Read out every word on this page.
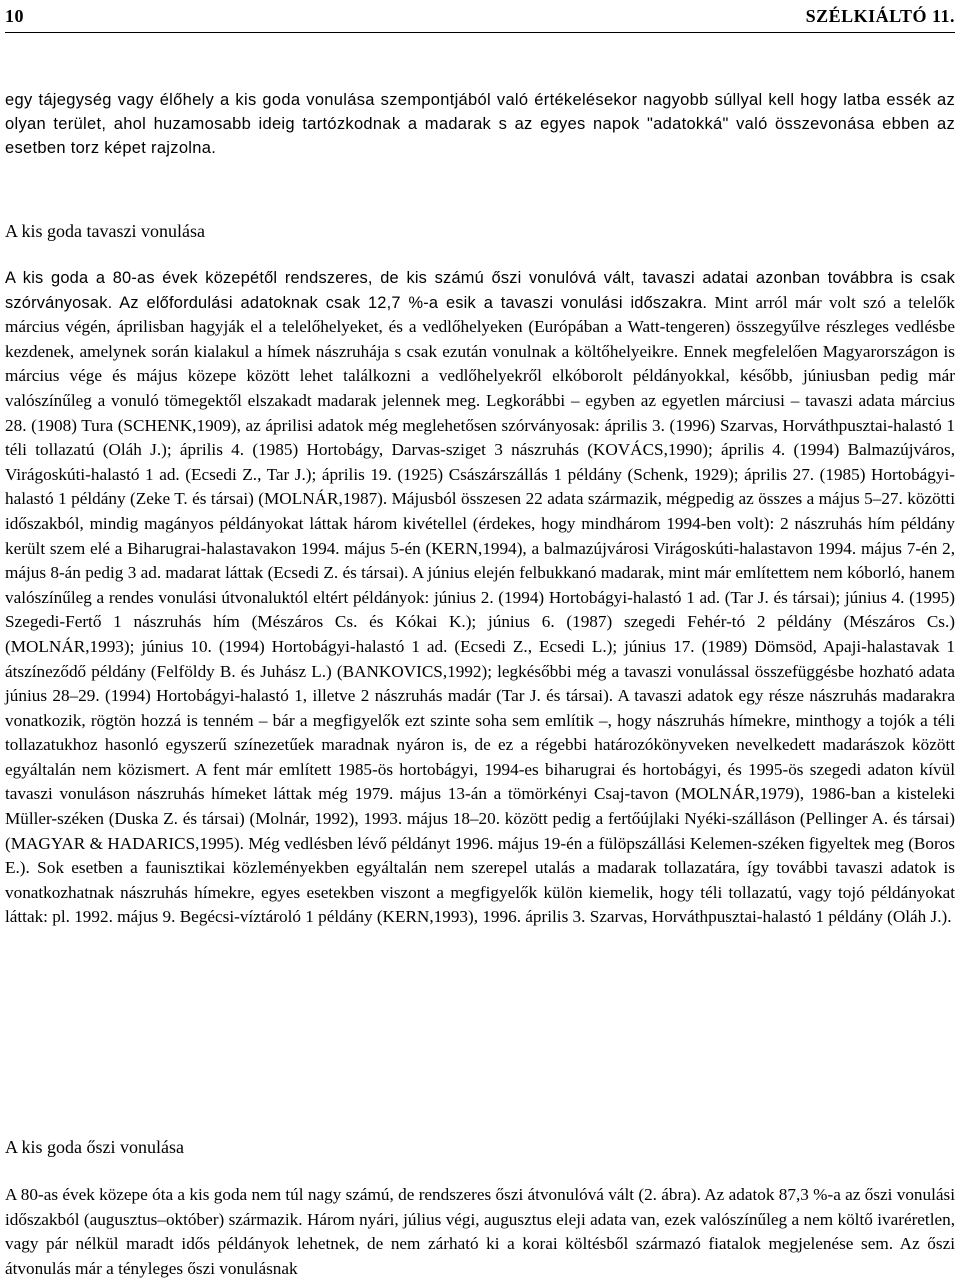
10	SZÉLKIÁLTÓ 11.

egy tájegység vagy élőhely a kis goda vonulása szempontjából való értékelésekor nagyobb súllyal kell hogy latba essék az olyan terület, ahol huzamosabb ideig tartózkodnak a madarak s az egyes napok "adatokká" való összevonása ebben az esetben torz képet rajzolna.

A kis goda tavaszi vonulása

A kis goda a 80-as évek közepétől rendszeres, de kis számú őszi vonulóvá vált, tavaszi adatai azonban továbbra is csak szórványosak. Az előfordulási adatoknak csak 12,7 %-a esik a tavaszi vonulási időszakra. Mint arról már volt szó a telelők március végén, áprilisban hagyják el a telelőhelyeket, és a vedlőhelyeken (Európában a Watt-tengeren) összegyűlve részleges vedlésbe kezdenek, amelynek során kialakul a hímek nászruhája s csak ezután vonulnak a költőhelyeikre. Ennek megfelelően Magyarországon is március vége és május közepe között lehet találkozni a vedlőhelyekről elkóborolt példányokkal, később, júniusban pedig már valószínűleg a vonuló tömegektől elszakadt madarak jelennek meg. Legkorábbi – egyben az egyetlen márciusi – tavaszi adata március 28. (1908) Tura (SCHENK,1909), az áprilisi adatok még meglehetősen szórványosak: április 3. (1996) Szarvas, Horváthpusztai-halastó 1 téli tollazatú (Oláh J.); április 4. (1985) Hortobágy, Darvas-sziget 3 nászruhás (KOVÁCS,1990); április 4. (1994) Balmazújváros, Virágoskúti-halastó 1 ad. (Ecsedi Z., Tar J.); április 19. (1925) Császárszállás 1 példány (Schenk, 1929); április 27. (1985) Hortobágyi-halastó 1 példány (Zeke T. és társai) (MOLNÁR,1987). Májusból összesen 22 adata származik, mégpedig az összes a május 5–27. közötti időszakból, mindig magányos példányokat láttak három kivétellel (érdekes, hogy mindhárom 1994-ben volt): 2 nászruhás hím példány került szem elé a Biharugrai-halastavakon 1994. május 5-én (KERN,1994), a balmazújvárosi Virágoskúti-halastavon 1994. május 7-én 2, május 8-án pedig 3 ad. madarat láttak (Ecsedi Z. és társai). A június elején felbukkanó madarak, mint már említettem nem kóborló, hanem valószínűleg a rendes vonulási útvonaluktól eltért példányok: június 2. (1994) Hortobágyi-halastó 1 ad. (Tar J. és társai); június 4. (1995) Szegedi-Fertő 1 nászruhás hím (Mészáros Cs. és Kókai K.); június 6. (1987) szegedi Fehér-tó 2 példány (Mészáros Cs.) (MOLNÁR,1993); június 10. (1994) Hortobágyi-halastó 1 ad. (Ecsedi Z., Ecsedi L.); június 17. (1989) Dömsöd, Apaji-halastavak 1 átszíneződő példány (Felföldy B. és Juhász L.) (BANKOVICS,1992); legkésőbbi még a tavaszi vonulással összefüggésbe hozható adata június 28–29. (1994) Hortobágyi-halastó 1, illetve 2 nászruhás madár (Tar J. és társai). A tavaszi adatok egy része nászruhás madarakra vonatkozik, rögtön hozzá is tenném – bár a megfigyelők ezt szinte soha sem említik –, hogy nászruhás hímekre, minthogy a tojók a téli tollazatukhoz hasonló egyszerű színezetűek maradnak nyáron is, de ez a régebbi határozókönyveken nevelkedett madarászok között egyáltalán nem közismert. A fent már említett 1985-ös hortobágyi, 1994-es biharugrai és hortobágyi, és 1995-ös szegedi adaton kívül tavaszi vonuláson nászruhás hímeket láttak még 1979. május 13-án a tömörkényi Csaj-tavon (MOLNÁR,1979), 1986-ban a kisteleki Müller-széken (Duska Z. és társai) (Molnár, 1992), 1993. május 18–20. között pedig a fertőújlaki Nyéki-szálláson (Pellinger A. és társai) (MAGYAR & HADARICS,1995). Még vedlésben lévő példányt 1996. május 19-én a fülöpszállási Kelemen-széken figyeltek meg (Boros E.). Sok esetben a faunisztikai közleményekben egyáltalán nem szerepel utalás a madarak tollazatára, így további tavaszi adatok is vonatkozhatnak nászruhás hímekre, egyes esetekben viszont a megfigyelők külön kiemelik, hogy téli tollazatú, vagy tojó példányokat láttak: pl. 1992. május 9. Begécsi-víztároló 1 példány (KERN,1993), 1996. április 3. Szarvas, Horváthpusztai-halastó 1 példány (Oláh J.).

A kis goda őszi vonulása

A 80-as évek közepe óta a kis goda nem túl nagy számú, de rendszeres őszi átvonulóvá vált (2. ábra). Az adatok 87,3 %-a az őszi vonulási időszakból (augusztus–október) származik. Három nyári, július végi, augusztus eleji adata van, ezek valószínűleg a nem költő ivaréretlen, vagy pár nélkül maradt idős példányok lehetnek, de nem zárható ki a korai költésből származó fiatalok megjelenése sem. Az őszi átvonulás már a tényleges őszi vonulásnak
